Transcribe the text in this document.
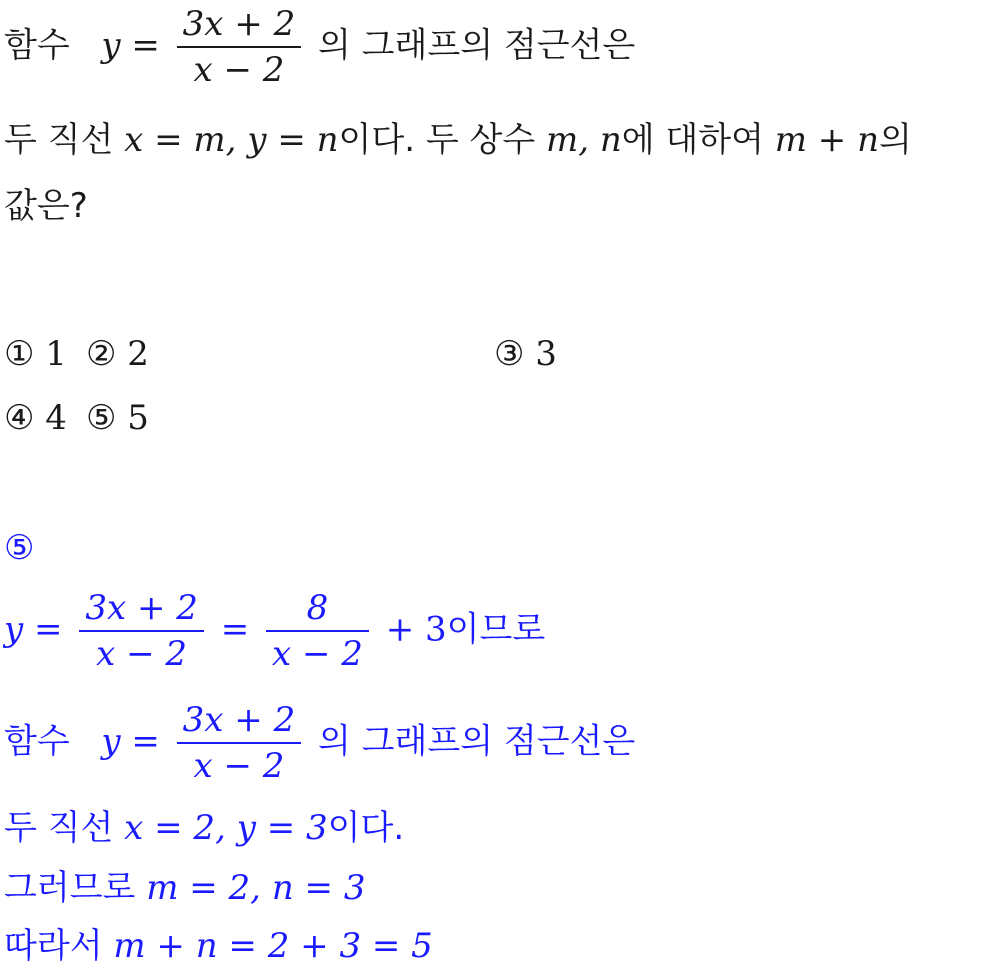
함수 $y = \frac{3x + 2}{x - 2}$ 의 그래프의 점근선은
두 직선 x = m, y = n이다. 두 상수 m, n에 대하여 m + n의
값은?
① 1 ② 2	③ 3
④ 4 ⑤ 5
⑤
$y = \frac{3x + 2}{x - 2} = \frac{8}{x - 2} + 3$이므로
함수 $y = \frac{3x + 2}{x - 2}$ 의 그래프의 점근선은
두 직선 x = 2, y = 3이다.
그러므로 m = 2, n = 3
따라서 m + n = 2 + 3 = 5
